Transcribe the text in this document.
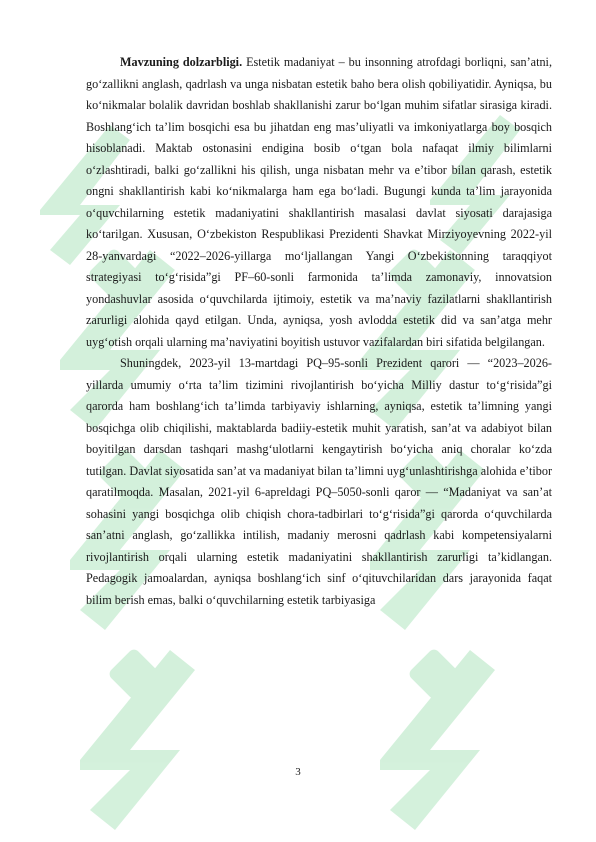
Mavzuning dolzarbligi. Estetik madaniyat – bu insonning atrofdagi borliqni, san’atni, go‘zallikni anglash, qadrlash va unga nisbatan estetik baho bera olish qobiliyatidir. Ayniqsa, bu ko‘nikmalar bolalik davridan boshlab shakllanishi zarur bo‘lgan muhim sifatlar sirasiga kiradi. Boshlang‘ich ta’lim bosqichi esa bu jihatdan eng mas’uliyatli va imkoniyatlarga boy bosqich hisoblanadi. Maktab ostonasini endigina bosib o‘tgan bola nafaqat ilmiy bilimlarni o‘zlashtiradi, balki go‘zallikni his qilish, unga nisbatan mehr va e’tibor bilan qarash, estetik ongni shakllantirish kabi ko‘nikmalarga ham ega bo‘ladi. Bugungi kunda ta’lim jarayonida o‘quvchilarning estetik madaniyatini shakllantirish masalasi davlat siyosati darajasiga ko‘tarilgan. Xususan, O‘zbekiston Respublikasi Prezidenti Shavkat Mirziyoyevning 2022-yil 28-yanvardagi “2022–2026-yillarga mo‘ljallangan Yangi O‘zbekistonning taraqqiyot strategiyasi to‘g‘risida”gi PF–60-sonli farmonida ta’limda zamonaviy, innovatsion yondashuvlar asosida o‘quvchilarda ijtimoiy, estetik va ma’naviy fazilatlarni shakllantirish zarurligi alohida qayd etilgan. Unda, ayniqsa, yosh avlodda estetik did va san’atga mehr uyg‘otish orqali ularning ma’naviyatini boyitish ustuvor vazifalardan biri sifatida belgilangan.

Shuningdek, 2023-yil 13-martdagi PQ–95-sonli Prezident qarori — “2023–2026-yillarda umumiy o‘rta ta’lim tizimini rivojlantirish bo‘yicha Milliy dastur to‘g‘risida”gi qarorda ham boshlang‘ich ta’limda tarbiyaviy ishlarning, ayniqsa, estetik ta’limning yangi bosqichga olib chiqilishi, maktablarda badiiy-estetik muhit yaratish, san’at va adabiyot bilan boyitilgan darsdan tashqari mashg‘ulotlarni kengaytirish bo‘yicha aniq choralar ko‘zda tutilgan. Davlat siyosatida san’at va madaniyat bilan ta’limni uyg‘unlashtirishga alohida e’tibor qaratilmoqda. Masalan, 2021-yil 6-apreldagi PQ–5050-sonli qaror — “Madaniyat va san’at sohasini yangi bosqichga olib chiqish chora-tadbirlari to‘g‘risida”gi qarorda o‘quvchilarda san’atni anglash, go‘zallikka intilish, madaniy merosni qadrlash kabi kompetensiyalarni rivojlantirish orqali ularning estetik madaniyatini shakllantirish zarurligi ta’kidlangan. Pedagogik jamoalardan, ayniqsa boshlang‘ich sinf o‘qituvchilaridan dars jarayonida faqat bilim berish emas, balki o‘quvchilarning estetik tarbiyasiga

3
